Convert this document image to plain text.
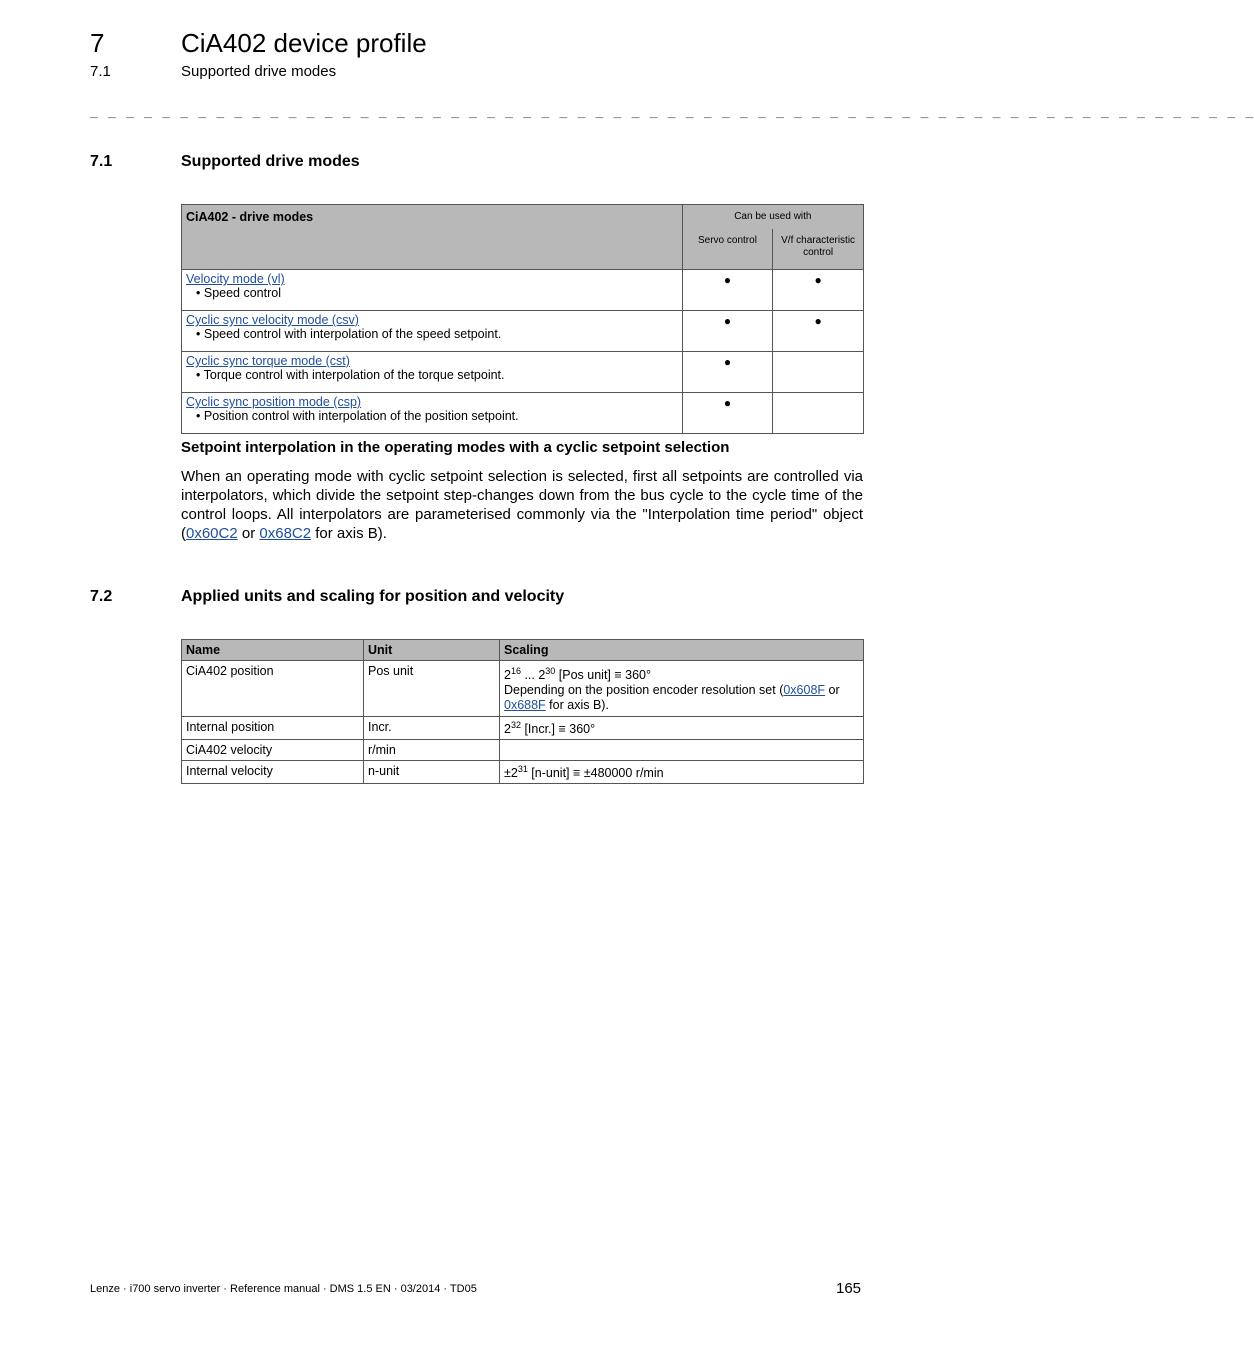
7	CiA402 device profile
7.1	Supported drive modes
_ _ _ _ _ _ _ _ _ _ _ _ _ _ _ _ _ _ _ _ _ _ _ _ _ _ _ _ _ _ _ _ _ _ _ _ _ _ _ _ _ _ _ _ _ _ _ _ _ _ _ _ _ _ _ _ _ _ _ _ _ _ _ _ _
7.1	Supported drive modes
CiA402 - drive modes	Can be used with	
	Servo control	V/f characteristic control
Velocity mode (vl)
• Speed control	●	●
Cyclic sync velocity mode (csv)
• Speed control with interpolation of the speed setpoint.	●	●
Cyclic sync torque mode (cst)
• Torque control with interpolation of the torque setpoint.	●	
Cyclic sync position mode (csp)
• Position control with interpolation of the position setpoint.	●	
Setpoint interpolation in the operating modes with a cyclic setpoint selection
When an operating mode with cyclic setpoint selection is selected, first all setpoints are controlled via interpolators, which divide the setpoint step-changes down from the bus cycle to the cycle time of the control loops. All interpolators are parameterised commonly via the "Interpolation time period" object (0x60C2 or 0x68C2 for axis B).
7.2	Applied units and scaling for position and velocity
Name	Unit	Scaling
CiA402 position	Pos unit	$2^{16}$ ... $2^{30}$ [Pos unit] ≡ 360°
Depending on the position encoder resolution set (0x608F or 0x688F for axis B).

Internal position	Incr.	$2^{32}$ [Incr.] ≡ 360°
CiA402 velocity	r/min	
Internal velocity	n-unit	$\pm 2^{31}$ [n-unit] ≡ ±480000 r/min
Lenze · i700 servo inverter · Reference manual · DMS 1.5 EN · 03/2014 · TD05	165
